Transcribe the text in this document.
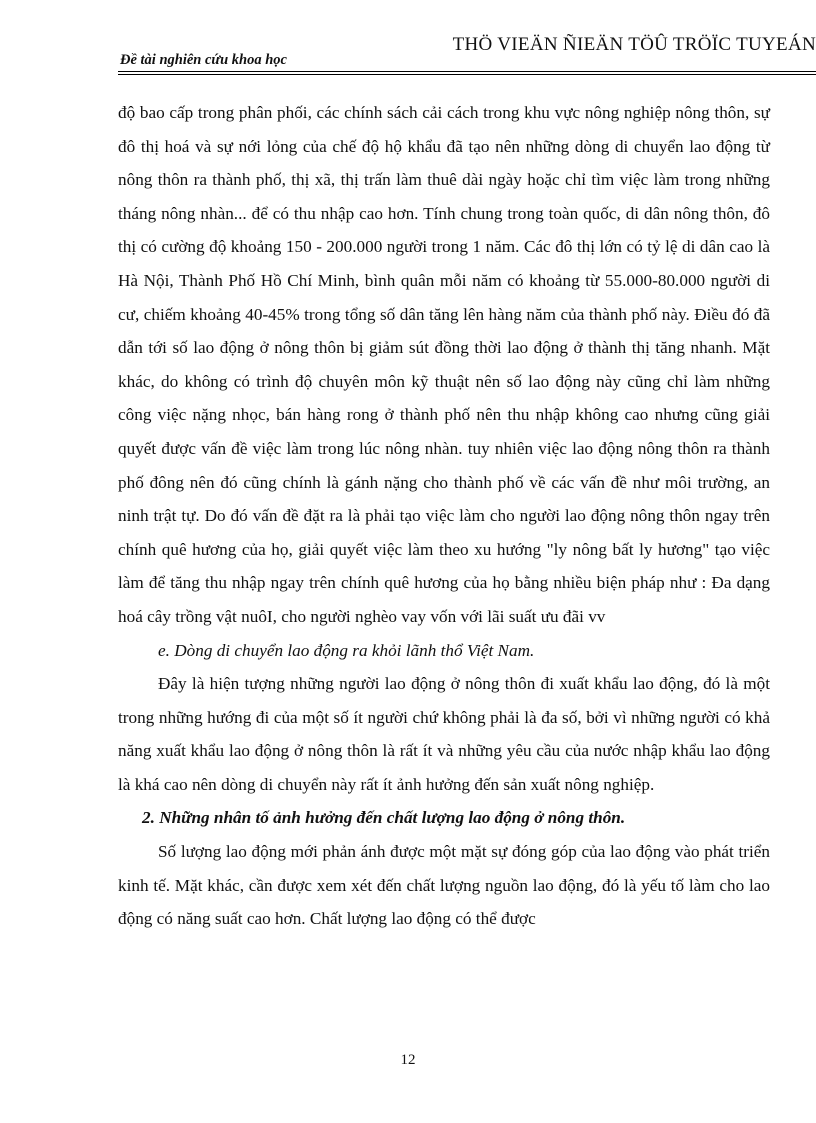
Đề tài nghiên cứu khoa học
THÖ VIEÄN ÑIEÄN TÖÛ TRÖÏC TUYEÁN

độ bao cấp trong phân phối, các chính sách cải cách trong khu vực nông nghiệp nông thôn, sự đô thị hoá và sự nới lỏng của chế độ hộ khẩu đã tạo nên những dòng di chuyển lao động từ nông thôn ra thành phố, thị xã, thị trấn làm thuê dài ngày hoặc chỉ tìm việc làm trong những tháng nông nhàn... để có thu nhập cao hơn. Tính chung trong toàn quốc, di dân nông thôn, đô thị có cường độ khoảng 150 - 200.000 người trong 1 năm. Các đô thị lớn có tỷ lệ di dân cao là Hà Nội, Thành Phố Hồ Chí Minh, bình quân mỗi năm có khoảng từ 55.000-80.000 người di cư, chiếm khoảng 40-45% trong tổng số dân tăng lên hàng năm của thành phố này. Điều đó đã dẫn tới số lao động ở nông thôn bị giảm sút đồng thời lao động ở thành thị tăng nhanh. Mặt khác, do không có trình độ chuyên môn kỹ thuật nên số lao động này cũng chỉ làm những công việc nặng nhọc, bán hàng rong ở thành phố nên thu nhập không cao nhưng cũng giải quyết được vấn đề việc làm trong lúc nông nhàn. tuy nhiên việc lao động nông thôn ra thành phố đông nên đó cũng chính là gánh nặng cho thành phố về các vấn đề như môi trường, an ninh trật tự. Do đó vấn đề đặt ra là phải tạo việc làm cho người lao động nông thôn ngay trên chính quê hương của họ, giải quyết việc làm theo xu hướng "ly nông bất ly hương" tạo việc làm để tăng thu nhập ngay trên chính quê hương của họ bằng nhiều biện pháp như : Đa dạng hoá cây trồng vật nuôI, cho người nghèo vay vốn với lãi suất ưu đãi vv

e. Dòng di chuyển lao động ra khỏi lãnh thổ Việt Nam.

Đây là hiện tượng những người lao động ở nông thôn đi xuất khẩu lao động, đó là một trong những hướng đi của một số ít người chứ không phải là đa số, bởi vì những người có khả năng xuất khẩu lao động ở nông thôn là rất ít và những yêu cầu của nước nhập khẩu lao động là khá cao nên dòng di chuyển này rất ít ảnh hưởng đến sản xuất nông nghiệp.

2. Những nhân tố ảnh hưởng đến chất lượng lao động ở nông thôn.

Số lượng lao động mới phản ánh được một mặt sự đóng góp của lao động vào phát triển kinh tế. Mặt khác, cần được xem xét đến chất lượng nguồn lao động, đó là yếu tố làm cho lao động có năng suất cao hơn. Chất lượng lao động có thể được

12
